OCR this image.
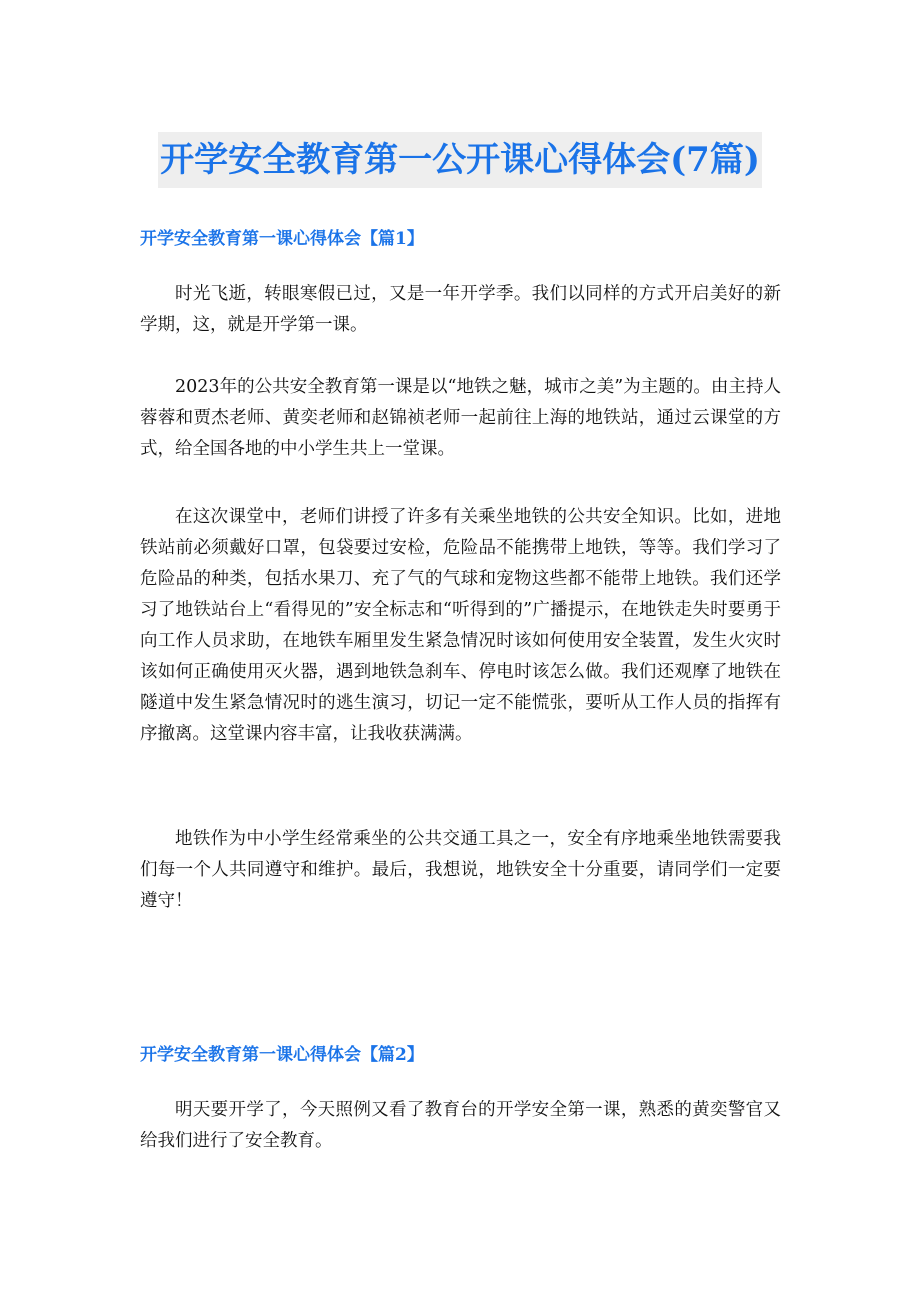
开学安全教育第一公开课心得体会(7篇)
开学安全教育第一课心得体会【篇1】

时光飞逝，转眼寒假已过，又是一年开学季。我们以同样的方式开启美好的新学期，这，就是开学第一课。

2023年的公共安全教育第一课是以“地铁之魅，城市之美”为主题的。由主持人蓉蓉和贾杰老师、黄奕老师和赵锦祯老师一起前往上海的地铁站，通过云课堂的方式，给全国各地的中小学生共上一堂课。

在这次课堂中，老师们讲授了许多有关乘坐地铁的公共安全知识。比如，进地铁站前必须戴好口罩，包袋要过安检，危险品不能携带上地铁，等等。我们学习了危险品的种类，包括水果刀、充了气的气球和宠物这些都不能带上地铁。我们还学习了地铁站台上“看得见的”安全标志和“听得到的”广播提示，在地铁走失时要勇于向工作人员求助，在地铁车厢里发生紧急情况时该如何使用安全装置，发生火灾时该如何正确使用灭火器，遇到地铁急刹车、停电时该怎么做。我们还观摩了地铁在隧道中发生紧急情况时的逃生演习，切记一定不能慌张，要听从工作人员的指挥有序撤离。这堂课内容丰富，让我收获满满。

地铁作为中小学生经常乘坐的公共交通工具之一，安全有序地乘坐地铁需要我们每一个人共同遵守和维护。最后，我想说，地铁安全十分重要，请同学们一定要遵守！

开学安全教育第一课心得体会【篇2】

明天要开学了，今天照例又看了教育台的开学安全第一课，熟悉的黄奕警官又给我们进行了安全教育。
